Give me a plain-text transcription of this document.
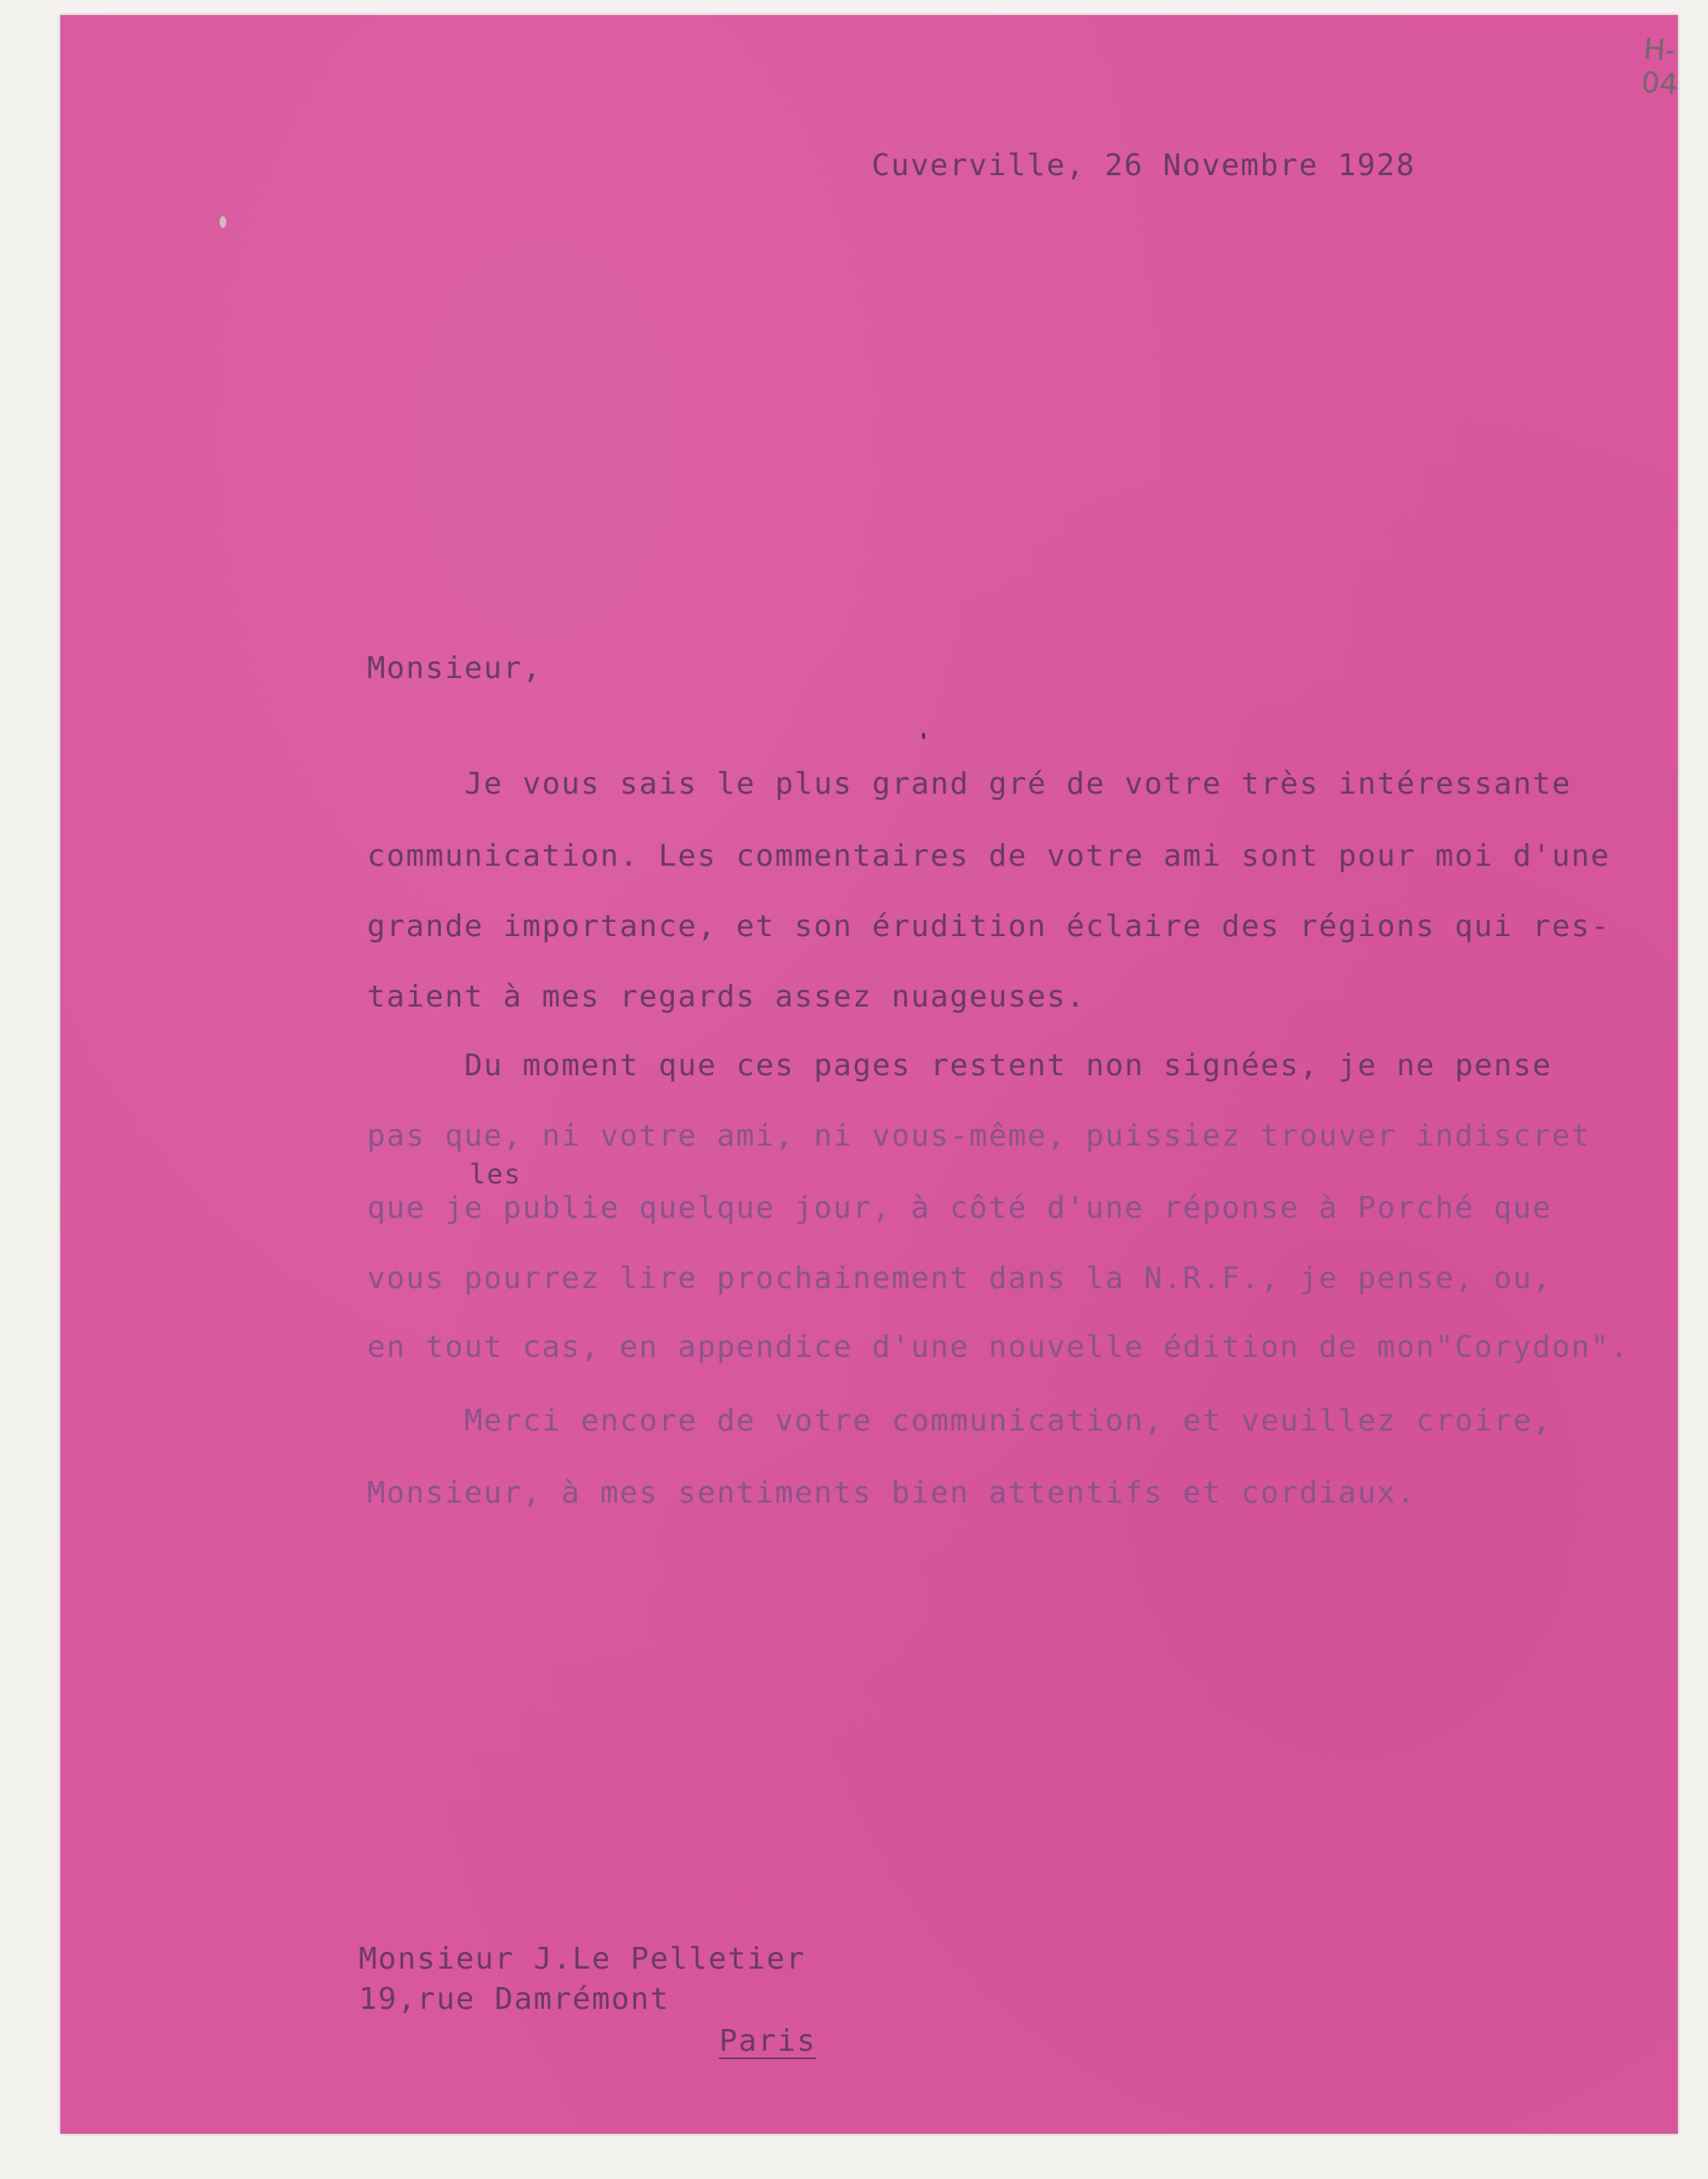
H-04
Cuverville, 26 Novembre 1928
Monsieur,
Je vous sais le plus grand gré de votre très intéressante
communication. Les commentaires de votre ami sont pour moi d'une
grande importance, et son érudition éclaire des régions qui res-
taient à mes regards assez nuageuses.
Du moment que ces pages restent non signées, je ne pense
pas que, ni votre ami, ni vous-même, puissiez trouver indiscret
les
que je publie quelque jour, à côté d'une réponse à Porché que
vous pourrez lire prochainement dans la N.R.F., je pense, ou,
en tout cas, en appendice d'une nouvelle édition de mon"Corydon".
Merci encore de votre communication, et veuillez croire,
Monsieur, à mes sentiments bien attentifs et cordiaux.
Monsieur J.Le Pelletier
19,rue Damrémont
Paris
